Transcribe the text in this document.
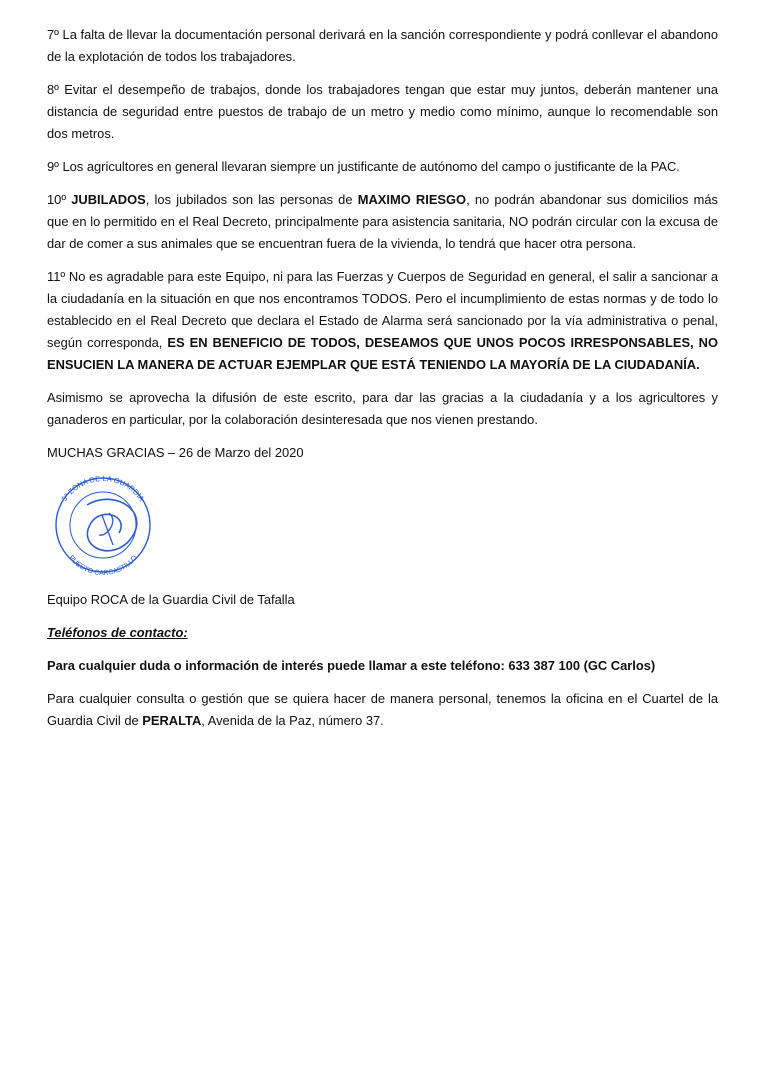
7º La falta de llevar la documentación personal derivará en la sanción correspondiente y podrá conllevar el abandono de la explotación de todos los trabajadores.

8º Evitar el desempeño de trabajos, donde los trabajadores tengan que estar muy juntos, deberán mantener una distancia de seguridad entre puestos de trabajo de un metro y medio como mínimo, aunque lo recomendable son dos metros.

9º Los agricultores en general llevaran siempre un justificante de autónomo del campo o justificante de la PAC.

10º JUBILADOS, los jubilados son las personas de MAXIMO RIESGO, no podrán abandonar sus domicilios más que en lo permitido en el Real Decreto, principalmente para asistencia sanitaria, NO podrán circular con la excusa de dar de comer a sus animales que se encuentran fuera de la vivienda, lo tendrá que hacer otra persona.

11º No es agradable para este Equipo, ni para las Fuerzas y Cuerpos de Seguridad en general, el salir a sancionar a la ciudadanía en la situación en que nos encontramos TODOS. Pero el incumplimiento de estas normas y de todo lo establecido en el Real Decreto que declara el Estado de Alarma será sancionado por la vía administrativa o penal, según corresponda, ES EN BENEFICIO DE TODOS, DESEAMOS QUE UNOS POCOS IRRESPONSABLES, NO ENSUCIEN LA MANERA DE ACTUAR EJEMPLAR QUE ESTÁ TENIENDO LA MAYORÍA DE LA CIUDADANÍA.

Asimismo se aprovecha la difusión de este escrito, para dar las gracias a la ciudadanía y a los agricultores y ganaderos en particular, por la colaboración desinteresada que nos vienen prestando.

MUCHAS GRACIAS – 26 de Marzo del 2020

5ª ZONA DE LA GUARDIA
PUESTO CARCASTILLO

Equipo ROCA de la Guardia Civil de Tafalla

Teléfonos de contacto:

Para cualquier duda o información de interés puede llamar a este teléfono: 633 387 100 (GC Carlos)

Para cualquier consulta o gestión que se quiera hacer de manera personal, tenemos la oficina en el Cuartel de la Guardia Civil de PERALTA, Avenida de la Paz, número 37.
